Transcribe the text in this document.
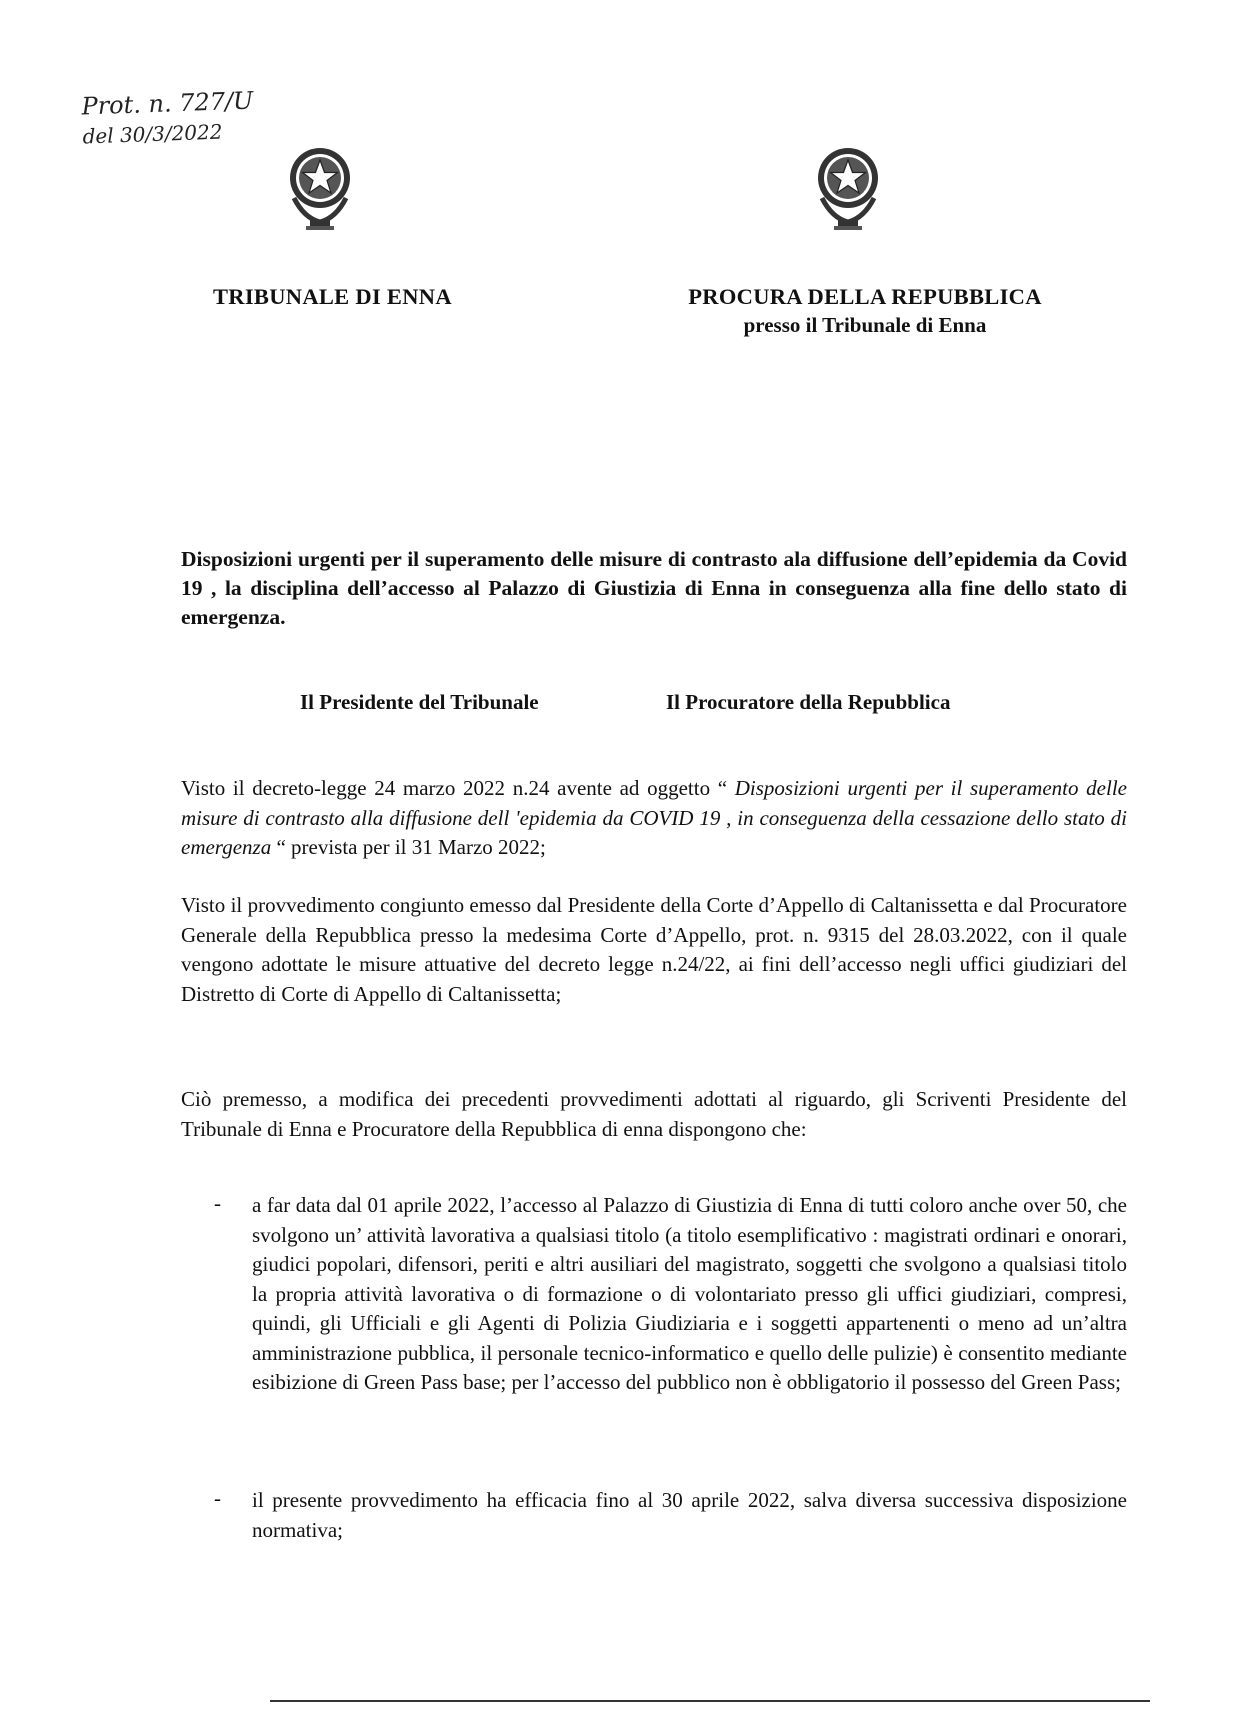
Prot. n. 727/U
del 30/3/2022
TRIBUNALE DI ENNA	PROCURA DELLA REPUBBLICA
presso il Tribunale di Enna
Disposizioni urgenti per il superamento delle misure di contrasto ala diffusione dell’epidemia da Covid 19 , la disciplina dell’accesso al Palazzo di Giustizia di Enna in conseguenza alla fine dello stato di emergenza.
Il Presidente del Tribunale	Il Procuratore della Repubblica
Visto il decreto-legge 24 marzo 2022 n.24 avente ad oggetto “ Disposizioni urgenti per il superamento delle misure di contrasto alla diffusione dell 'epidemia da COVID 19 , in conseguenza della cessazione dello stato di emergenza “ prevista per il 31 Marzo 2022;
Visto il provvedimento congiunto emesso dal Presidente della Corte d’Appello di Caltanissetta e dal Procuratore Generale della Repubblica presso la medesima Corte d’Appello, prot. n. 9315 del 28.03.2022, con il quale vengono adottate le misure attuative del decreto legge n.24/22, ai fini dell’accesso negli uffici giudiziari del Distretto di Corte di Appello di Caltanissetta;
Ciò premesso, a modifica dei precedenti provvedimenti adottati al riguardo, gli Scriventi Presidente del Tribunale di Enna e Procuratore della Repubblica di enna dispongono che:
- a far data dal 01 aprile 2022, l’accesso al Palazzo di Giustizia di Enna di tutti coloro anche over 50, che svolgono un’ attività lavorativa a qualsiasi titolo (a titolo esemplificativo : magistrati ordinari e onorari, giudici popolari, difensori, periti e altri ausiliari del magistrato, soggetti che svolgono a qualsiasi titolo la propria attività lavorativa o di formazione o di volontariato presso gli uffici giudiziari, compresi, quindi, gli Ufficiali e gli Agenti di Polizia Giudiziaria e i soggetti appartenenti o meno ad un’altra amministrazione pubblica, il personale tecnico-informatico e quello delle pulizie) è consentito mediante esibizione di Green Pass base; per l’accesso del pubblico non è obbligatorio il possesso del Green Pass;
- il presente provvedimento ha efficacia fino al 30 aprile 2022, salva diversa successiva disposizione normativa;
